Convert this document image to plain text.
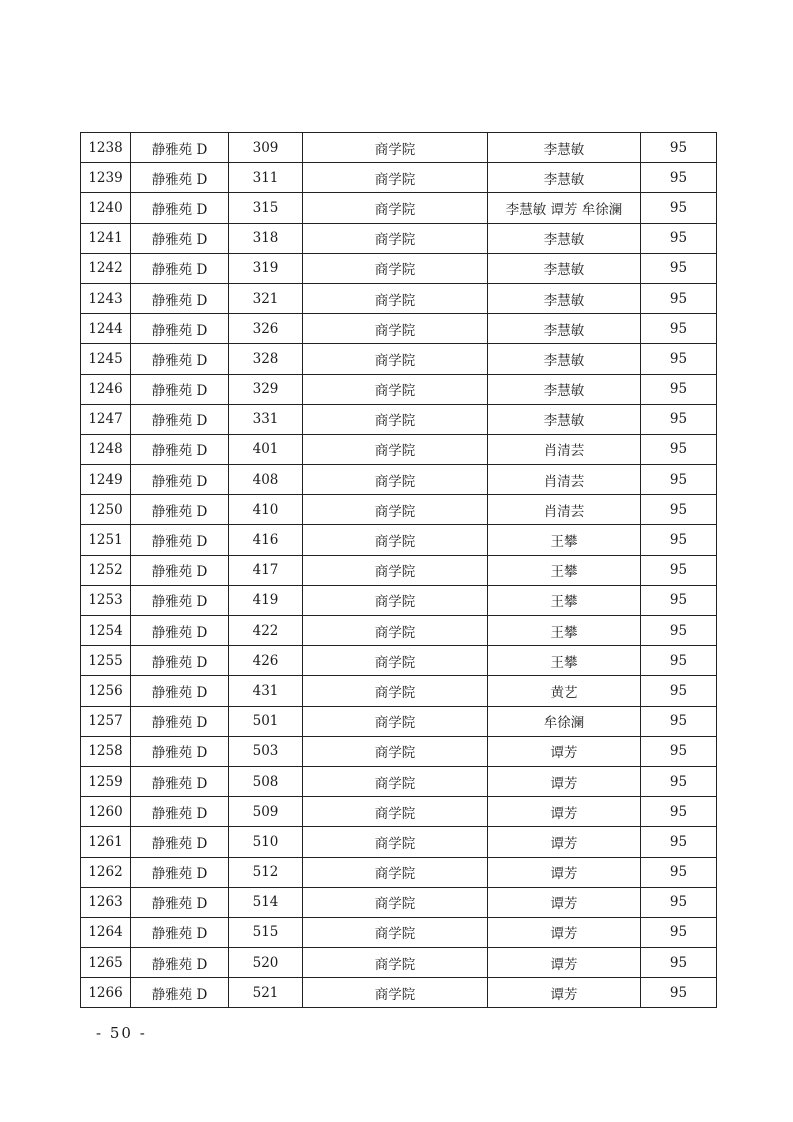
1238	静雅苑 D	309	商学院	李慧敏	95
1239	静雅苑 D	311	商学院	李慧敏	95
1240	静雅苑 D	315	商学院	李慧敏 谭芳 牟徐澜	95
1241	静雅苑 D	318	商学院	李慧敏	95
1242	静雅苑 D	319	商学院	李慧敏	95
1243	静雅苑 D	321	商学院	李慧敏	95
1244	静雅苑 D	326	商学院	李慧敏	95
1245	静雅苑 D	328	商学院	李慧敏	95
1246	静雅苑 D	329	商学院	李慧敏	95
1247	静雅苑 D	331	商学院	李慧敏	95
1248	静雅苑 D	401	商学院	肖清芸	95
1249	静雅苑 D	408	商学院	肖清芸	95
1250	静雅苑 D	410	商学院	肖清芸	95
1251	静雅苑 D	416	商学院	王攀	95
1252	静雅苑 D	417	商学院	王攀	95
1253	静雅苑 D	419	商学院	王攀	95
1254	静雅苑 D	422	商学院	王攀	95
1255	静雅苑 D	426	商学院	王攀	95
1256	静雅苑 D	431	商学院	黄艺	95
1257	静雅苑 D	501	商学院	牟徐澜	95
1258	静雅苑 D	503	商学院	谭芳	95
1259	静雅苑 D	508	商学院	谭芳	95
1260	静雅苑 D	509	商学院	谭芳	95
1261	静雅苑 D	510	商学院	谭芳	95
1262	静雅苑 D	512	商学院	谭芳	95
1263	静雅苑 D	514	商学院	谭芳	95
1264	静雅苑 D	515	商学院	谭芳	95
1265	静雅苑 D	520	商学院	谭芳	95
1266	静雅苑 D	521	商学院	谭芳	95
- 50 -
